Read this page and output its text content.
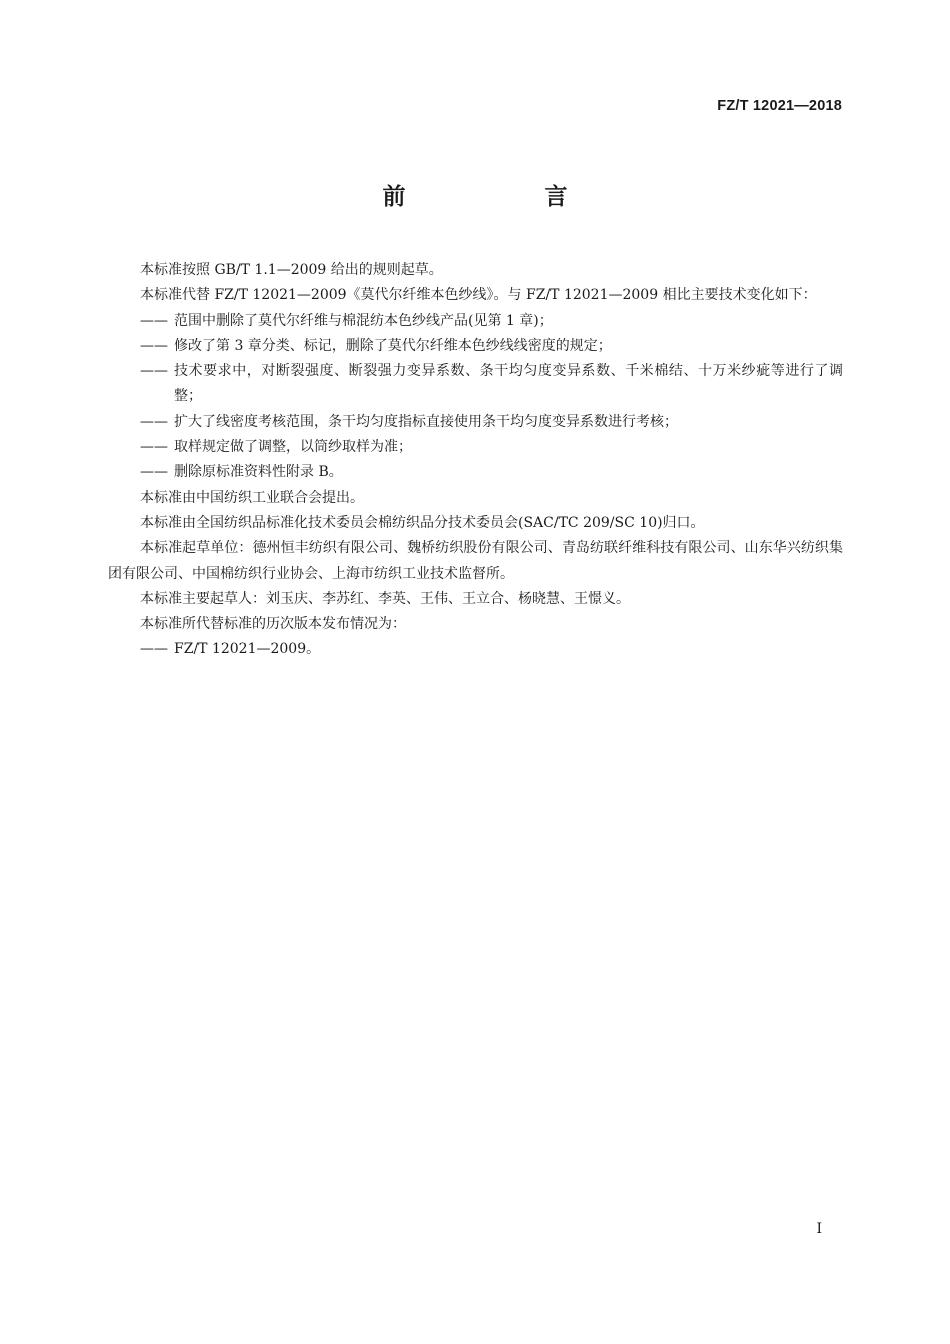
FZ/T 12021—2018
前　言

本标准按照 GB/T 1.1—2009 给出的规则起草。

本标准代替 FZ/T 12021—2009《莫代尔纤维本色纱线》。与 FZ/T 12021—2009 相比主要技术变化如下：

—— 范围中删除了莫代尔纤维与棉混纺本色纱线产品(见第 1 章)；
—— 修改了第 3 章分类、标记，删除了莫代尔纤维本色纱线线密度的规定；
—— 技术要求中，对断裂强度、断裂强力变异系数、条干均匀度变异系数、千米棉结、十万米纱疵等进行了调整；
—— 扩大了线密度考核范围，条干均匀度指标直接使用条干均匀度变异系数进行考核；
—— 取样规定做了调整，以筒纱取样为准；
—— 删除原标准资料性附录 B。

本标准由中国纺织工业联合会提出。

本标准由全国纺织品标准化技术委员会棉纺织品分技术委员会(SAC/TC 209/SC 10)归口。

本标准起草单位：德州恒丰纺织有限公司、魏桥纺织股份有限公司、青岛纺联纤维科技有限公司、山东华兴纺织集团有限公司、中国棉纺织行业协会、上海市纺织工业技术监督所。

本标准主要起草人：刘玉庆、李苏红、李英、王伟、王立合、杨晓慧、王憬义。

本标准所代替标准的历次版本发布情况为：

—— FZ/T 12021—2009。
I
